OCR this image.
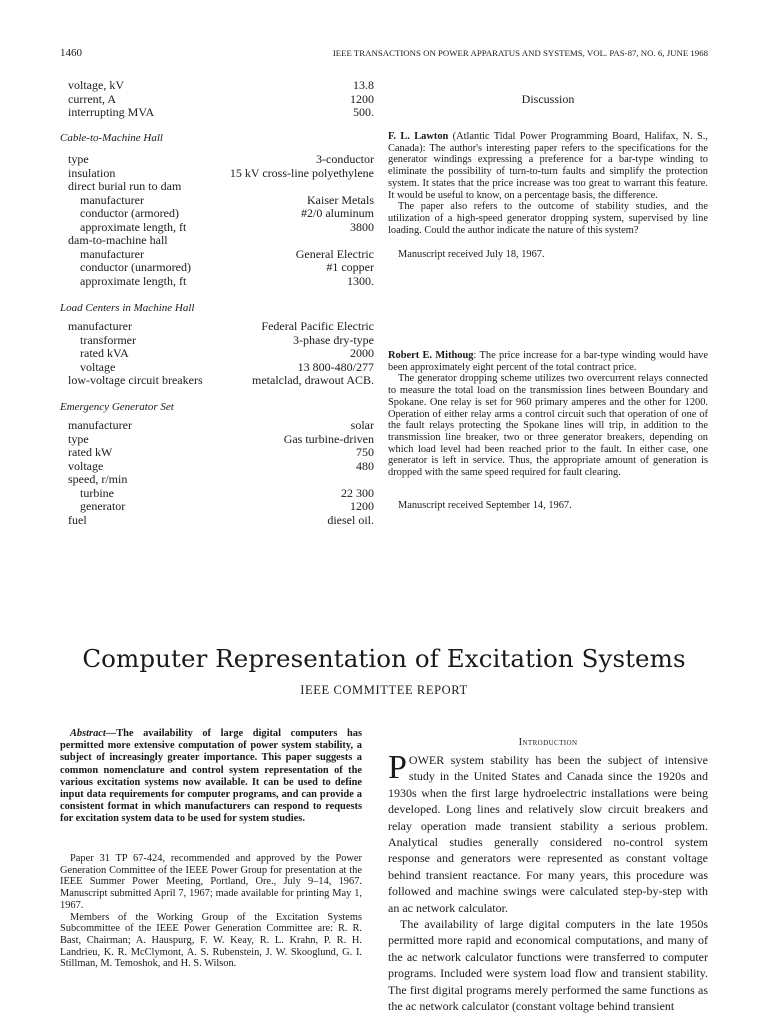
1460	IEEE TRANSACTIONS ON POWER APPARATUS AND SYSTEMS, VOL. PAS-87, NO. 6, JUNE 1968
voltage, kV	13.8
current, A	1200
interrupting MVA	500.
Cable-to-Machine Hall
type	3-conductor
insulation	15 kV cross-line polyethylene
direct burial run to dam
manufacturer	Kaiser Metals
conductor (armored)	#2/0 aluminum
approximate length, ft	3800
dam-to-machine hall
manufacturer	General Electric
conductor (unarmored)	#1 copper
approximate length, ft	1300.
Load Centers in Machine Hall
manufacturer	Federal Pacific Electric
transformer	3-phase dry-type
rated kVA	2000
voltage	13 800-480/277
low-voltage circuit breakers	metalclad, drawout ACB.
Emergency Generator Set
manufacturer	solar
type	Gas turbine-driven
rated kW	750
voltage	480
speed, r/min
turbine	22 300
generator	1200
fuel	diesel oil.
Discussion
F. L. Lawton (Atlantic Tidal Power Programming Board, Halifax, N. S., Canada): The author's interesting paper refers to the specifications for the generator windings expressing a preference for a bar-type winding to eliminate the possibility of turn-to-turn faults and simplify the protection system. It states that the price increase was too great to warrant this feature. It would be useful to know, on a percentage basis, the difference.
The paper also refers to the outcome of stability studies, and the utilization of a high-speed generator dropping system, supervised by line loading. Could the author indicate the nature of this system?
Manuscript received July 18, 1967.
Robert E. Mithoug: The price increase for a bar-type winding would have been approximately eight percent of the total contract price.
The generator dropping scheme utilizes two overcurrent relays connected to measure the total load on the transmission lines between Boundary and Spokane. One relay is set for 960 primary amperes and the other for 1200. Operation of either relay arms a control circuit such that operation of one of the fault relays protecting the Spokane lines will trip, in addition to the transmission line breaker, two or three generator breakers, depending on which load level had been reached prior to the fault. In either case, one generator is left in service. Thus, the appropriate amount of generation is dropped with the same speed required for fault clearing.
Manuscript received September 14, 1967.
Computer Representation of Excitation Systems
IEEE COMMITTEE REPORT
Abstract—The availability of large digital computers has permitted more extensive computation of power system stability, a subject of increasingly greater importance. This paper suggests a common nomenclature and control system representation of the various excitation systems now available. It can be used to define input data requirements for computer programs, and can provide a consistent format in which manufacturers can respond to requests for excitation system data to be used for system studies.
Paper 31 TP 67-424, recommended and approved by the Power Generation Committee of the IEEE Power Group for presentation at the IEEE Summer Power Meeting, Portland, Ore., July 9–14, 1967. Manuscript submitted April 7, 1967; made available for printing May 1, 1967.
Members of the Working Group of the Excitation Systems Subcommittee of the IEEE Power Generation Committee are: R. R. Bast, Chairman; A. Hauspurg, F. W. Keay, R. L. Krahn, P. R. H. Landrieu, K. R. McClymont, A. S. Rubenstein, J. W. Skooglund, G. I. Stillman, M. Temoshok, and H. S. Wilson.
Introduction
POWER system stability has been the subject of intensive study in the United States and Canada since the 1920s and 1930s when the first large hydroelectric installations were being developed. Long lines and relatively slow circuit breakers and relay operation made transient stability a serious problem. Analytical studies generally considered no-control system response and generators were represented as constant voltage behind transient reactance. For many years, this procedure was followed and machine swings were calculated step-by-step with an ac network calculator.
The availability of large digital computers in the late 1950s permitted more rapid and economical computations, and many of the ac network calculator functions were transferred to computer programs. Included were system load flow and transient stability. The first digital programs merely performed the same functions as the ac network calculator (constant voltage behind transient
